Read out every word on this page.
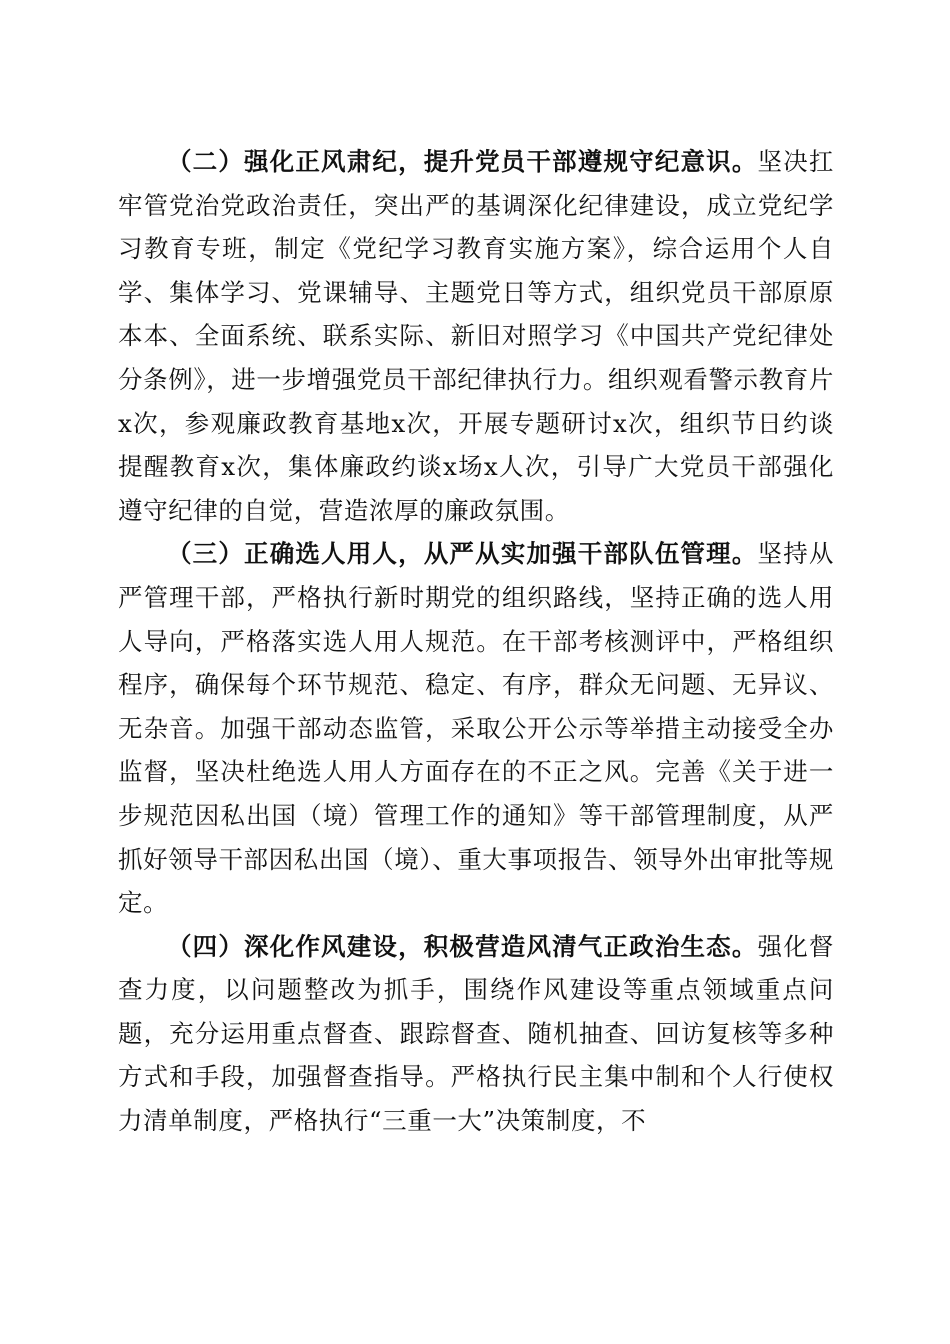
（二）强化正风肃纪，提升党员干部遵规守纪意识。坚决扛牢管党治党政治责任，突出严的基调深化纪律建设，成立党纪学习教育专班，制定《党纪学习教育实施方案》，综合运用个人自学、集体学习、党课辅导、主题党日等方式，组织党员干部原原本本、全面系统、联系实际、新旧对照学习《中国共产党纪律处分条例》，进一步增强党员干部纪律执行力。组织观看警示教育片x次，参观廉政教育基地x次，开展专题研讨x次，组织节日约谈提醒教育x次，集体廉政约谈x场x人次，引导广大党员干部强化遵守纪律的自觉，营造浓厚的廉政氛围。

（三）正确选人用人，从严从实加强干部队伍管理。坚持从严管理干部，严格执行新时期党的组织路线，坚持正确的选人用人导向，严格落实选人用人规范。在干部考核测评中，严格组织程序，确保每个环节规范、稳定、有序，群众无问题、无异议、无杂音。加强干部动态监管，采取公开公示等举措主动接受全办监督，坚决杜绝选人用人方面存在的不正之风。完善《关于进一步规范因私出国（境）管理工作的通知》等干部管理制度，从严抓好领导干部因私出国（境）、重大事项报告、领导外出审批等规定。

（四）深化作风建设，积极营造风清气正政治生态。强化督查力度，以问题整改为抓手，围绕作风建设等重点领域重点问题，充分运用重点督查、跟踪督查、随机抽查、回访复核等多种方式和手段，加强督查指导。严格执行民主集中制和个人行使权力清单制度，严格执行“三重一大”决策制度，不
